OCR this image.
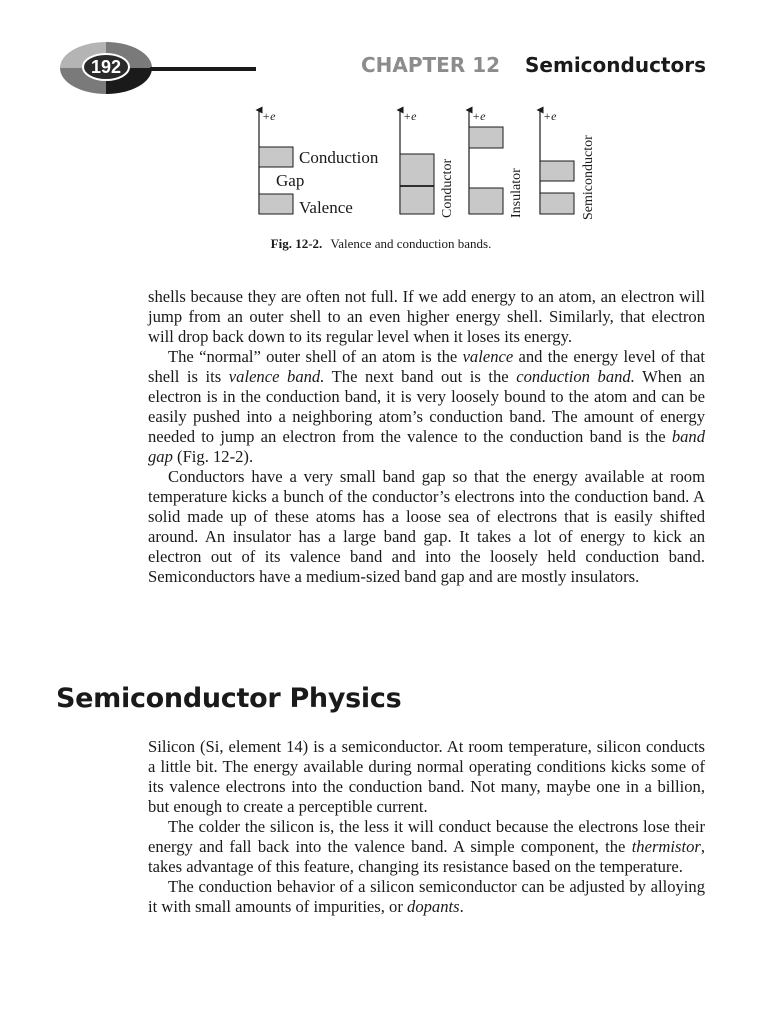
192	CHAPTER 12 Semiconductors
+e
Conduction
Gap
Valence
+e
Conductor
+e
Insulator
+e
Semiconductor
Fig. 12-2. Valence and conduction bands.

shells because they are often not full. If we add energy to an atom, an electron will jump from an outer shell to an even higher energy shell. Similarly, that electron will drop back down to its regular level when it loses its energy.

The “normal” outer shell of an atom is the valence and the energy level of that shell is its valence band. The next band out is the conduction band. When an electron is in the conduction band, it is very loosely bound to the atom and can be easily pushed into a neighboring atom’s conduction band. The amount of energy needed to jump an electron from the valence to the conduction band is the band gap (Fig. 12-2).

Conductors have a very small band gap so that the energy available at room temperature kicks a bunch of the conductor’s electrons into the conduction band. A solid made up of these atoms has a loose sea of electrons that is easily shifted around. An insulator has a large band gap. It takes a lot of energy to kick an electron out of its valence band and into the loosely held conduction band. Semiconductors have a medium-sized band gap and are mostly insulators.

Semiconductor Physics

Silicon (Si, element 14) is a semiconductor. At room temperature, silicon conducts a little bit. The energy available during normal operating conditions kicks some of its valence electrons into the conduction band. Not many, maybe one in a billion, but enough to create a perceptible current.

The colder the silicon is, the less it will conduct because the electrons lose their energy and fall back into the valence band. A simple component, the thermistor, takes advantage of this feature, changing its resistance based on the temperature.

The conduction behavior of a silicon semiconductor can be adjusted by alloying it with small amounts of impurities, or dopants.
